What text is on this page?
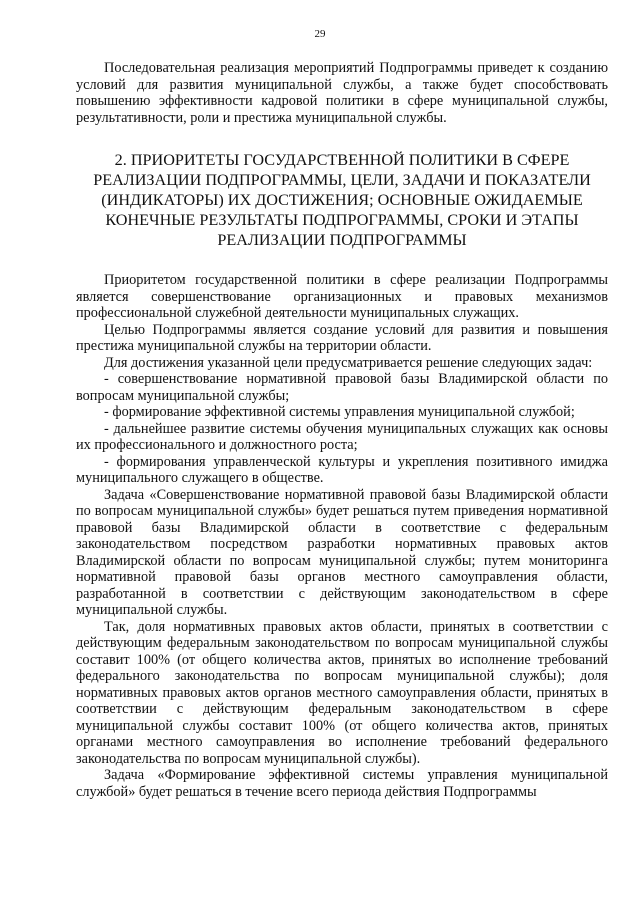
29

Последовательная реализация мероприятий Подпрограммы приведет к созданию условий для развития муниципальной службы, а также будет способствовать повышению эффективности кадровой политики в сфере муниципальной службы, результативности, роли и престижа муниципальной службы.

2. ПРИОРИТЕТЫ ГОСУДАРСТВЕННОЙ ПОЛИТИКИ В СФЕРЕ РЕАЛИЗАЦИИ ПОДПРОГРАММЫ, ЦЕЛИ, ЗАДАЧИ И ПОКАЗАТЕЛИ (ИНДИКАТОРЫ) ИХ ДОСТИЖЕНИЯ; ОСНОВНЫЕ ОЖИДАЕМЫЕ КОНЕЧНЫЕ РЕЗУЛЬТАТЫ ПОДПРОГРАММЫ, СРОКИ И ЭТАПЫ РЕАЛИЗАЦИИ ПОДПРОГРАММЫ

Приоритетом государственной политики в сфере реализации Подпрограммы является совершенствование организационных и правовых механизмов профессиональной служебной деятельности муниципальных служащих.

Целью Подпрограммы является создание условий для развития и повышения престижа муниципальной службы на территории области.

Для достижения указанной цели предусматривается решение следующих задач:

- совершенствование нормативной правовой базы Владимирской области по вопросам муниципальной службы;

- формирование эффективной системы управления муниципальной службой;

- дальнейшее развитие системы обучения муниципальных служащих как основы их профессионального и должностного роста;

- формирования управленческой культуры и укрепления позитивного имиджа муниципального служащего в обществе.

Задача «Совершенствование нормативной правовой базы Владимирской области по вопросам муниципальной службы» будет решаться путем приведения нормативной правовой базы Владимирской области в соответствие с федеральным законодательством посредством разработки нормативных правовых актов Владимирской области по вопросам муниципальной службы; путем мониторинга нормативной правовой базы органов местного самоуправления области, разработанной в соответствии с действующим законодательством в сфере муниципальной службы.

Так, доля нормативных правовых актов области, принятых в соответствии с действующим федеральным законодательством по вопросам муниципальной службы составит 100% (от общего количества актов, принятых во исполнение требований федерального законодательства по вопросам муниципальной службы); доля нормативных правовых актов органов местного самоуправления области, принятых в соответствии с действующим федеральным законодательством в сфере муниципальной службы составит 100% (от общего количества актов, принятых органами местного самоуправления во исполнение требований федерального законодательства по вопросам муниципальной службы).

Задача «Формирование эффективной системы управления муниципальной службой» будет решаться в течение всего периода действия Подпрограммы
